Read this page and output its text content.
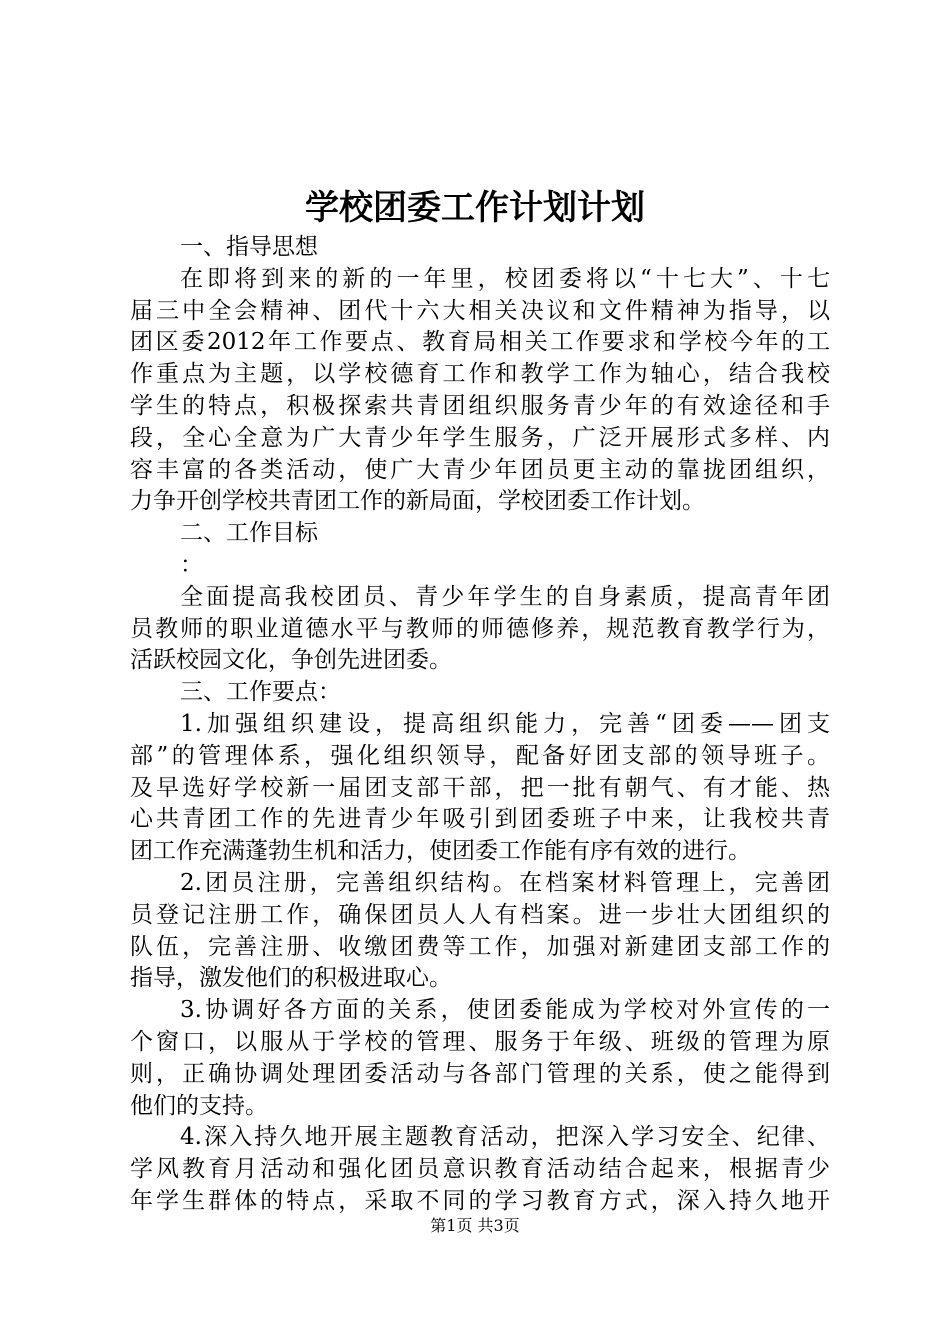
学校团委工作计划计划
一、指导思想
在即将到来的新的一年里，校团委将以“十七大”、十七
届三中全会精神、团代十六大相关决议和文件精神为指导，以
团区委2012年工作要点、教育局相关工作要求和学校今年的工
作重点为主题，以学校德育工作和教学工作为轴心，结合我校
学生的特点，积极探索共青团组织服务青少年的有效途径和手
段，全心全意为广大青少年学生服务，广泛开展形式多样、内
容丰富的各类活动，使广大青少年团员更主动的靠拢团组织，
力争开创学校共青团工作的新局面，学校团委工作计划。
二、工作目标
：
全面提高我校团员、青少年学生的自身素质，提高青年团
员教师的职业道德水平与教师的师德修养，规范教育教学行为，
活跃校园文化，争创先进团委。
三、工作要点：
1.加强组织建设，提高组织能力，完善“团委——团支
部”的管理体系，强化组织领导，配备好团支部的领导班子。
及早选好学校新一届团支部干部，把一批有朝气、有才能、热
心共青团工作的先进青少年吸引到团委班子中来，让我校共青
团工作充满蓬勃生机和活力，使团委工作能有序有效的进行。
2.团员注册，完善组织结构。在档案材料管理上，完善团
员登记注册工作，确保团员人人有档案。进一步壮大团组织的
队伍，完善注册、收缴团费等工作，加强对新建团支部工作的
指导，激发他们的积极进取心。
3.协调好各方面的关系，使团委能成为学校对外宣传的一
个窗口，以服从于学校的管理、服务于年级、班级的管理为原
则，正确协调处理团委活动与各部门管理的关系，使之能得到
他们的支持。
4.深入持久地开展主题教育活动，把深入学习安全、纪律、
学风教育月活动和强化团员意识教育活动结合起来，根据青少
年学生群体的特点，采取不同的学习教育方式，深入持久地开
第1页 共3页
